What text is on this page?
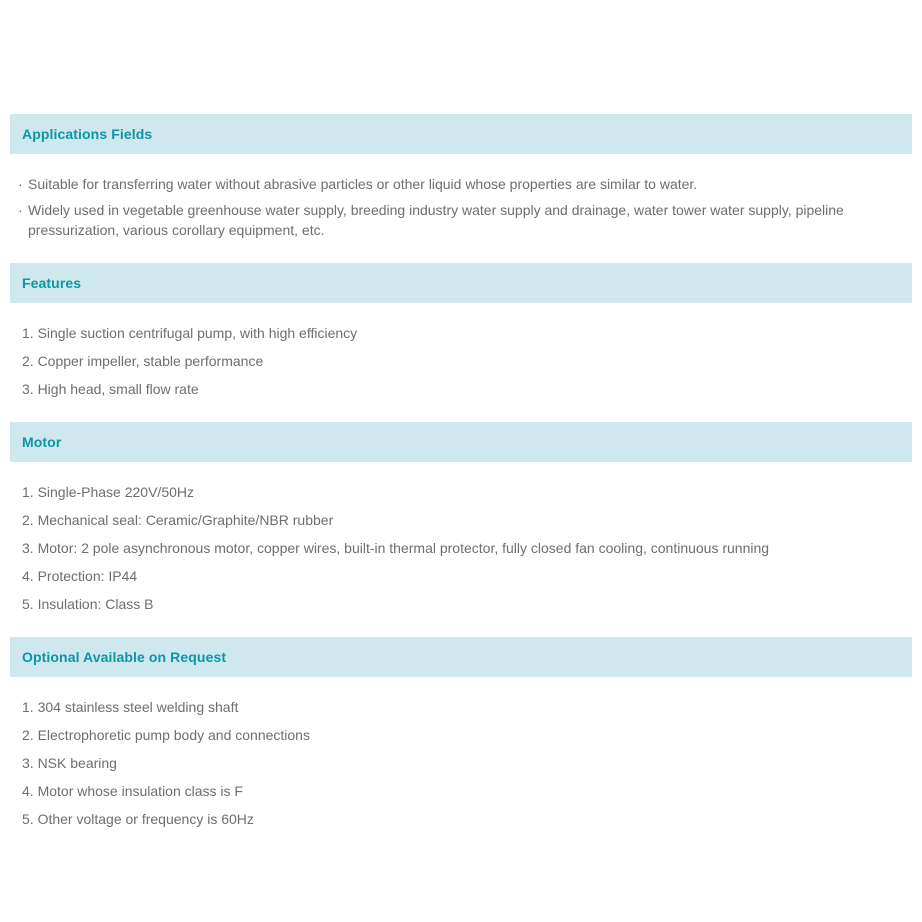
Applications Fields

· Suitable for transferring water without abrasive particles or other liquid whose properties are similar to water.

· Widely used in vegetable greenhouse water supply, breeding industry water supply and drainage, water tower water supply, pipeline pressurization, various corollary equipment, etc.

Features

1. Single suction centrifugal pump, with high efficiency

2. Copper impeller, stable performance

3. High head, small flow rate

Motor

1. Single-Phase 220V/50Hz

2. Mechanical seal: Ceramic/Graphite/NBR rubber

3. Motor: 2 pole asynchronous motor, copper wires, built-in thermal protector, fully closed fan cooling, continuous running

4. Protection: IP44

5. Insulation: Class B

Optional Available on Request

1. 304 stainless steel welding shaft

2. Electrophoretic pump body and connections

3. NSK bearing

4. Motor whose insulation class is F

5. Other voltage or frequency is 60Hz
